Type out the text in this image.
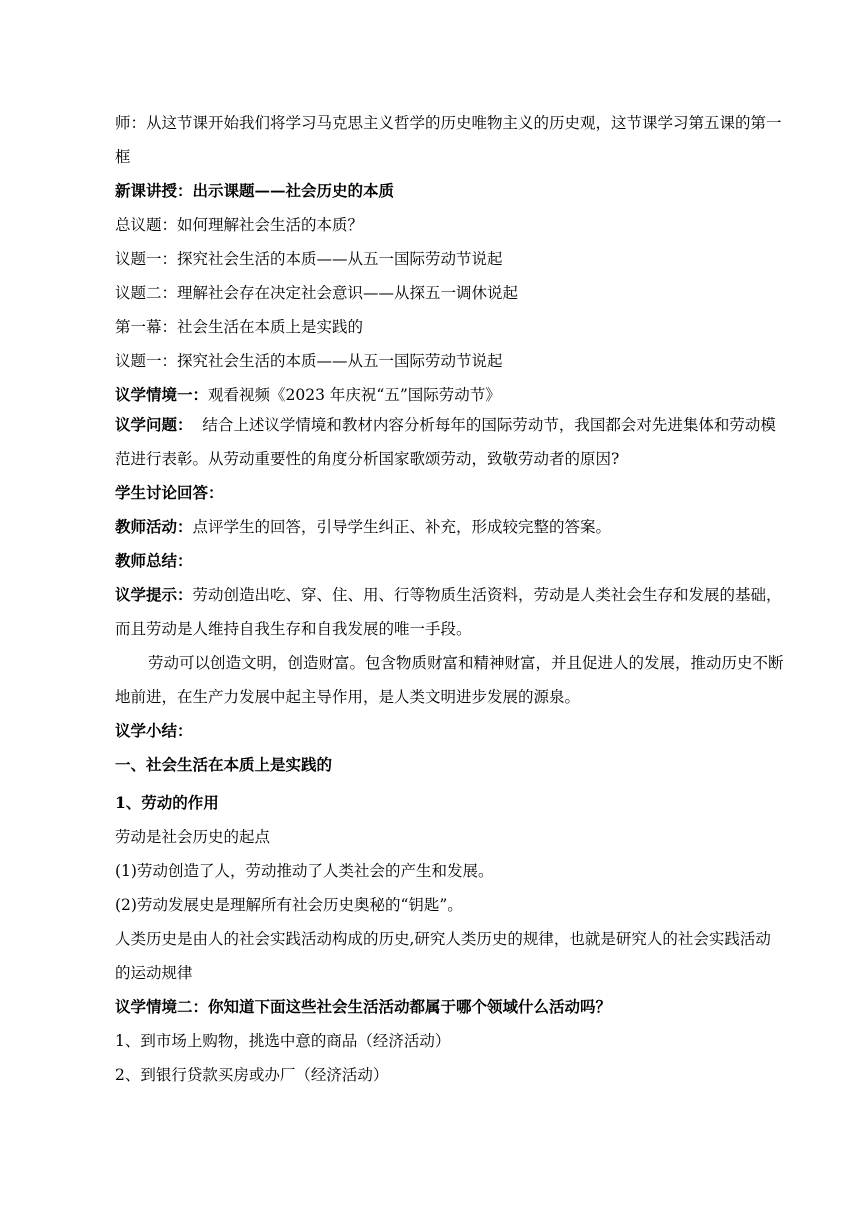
师：从这节课开始我们将学习马克思主义哲学的历史唯物主义的历史观，这节课学习第五课的第一框

新课讲授：出示课题——社会历史的本质

总议题：如何理解社会生活的本质？

议题一：探究社会生活的本质——从五一国际劳动节说起

议题二：理解社会存在决定社会意识——从探五一调休说起

第一幕：社会生活在本质上是实践的

议题一：探究社会生活的本质——从五一国际劳动节说起

议学情境一：观看视频《2023 年庆祝“五”国际劳动节》

议学问题：  结合上述议学情境和教材内容分析每年的国际劳动节，我国都会对先进集体和劳动模范进行表彰。从劳动重要性的角度分析国家歌颂劳动，致敬劳动者的原因?

学生讨论回答：

教师活动：点评学生的回答，引导学生纠正、补充，形成较完整的答案。

教师总结：

议学提示：劳动创造出吃、穿、住、用、行等物质生活资料，劳动是人类社会生存和发展的基础，而且劳动是人维持自我生存和自我发展的唯一手段。

劳动可以创造文明，创造财富。包含物质财富和精神财富，并且促进人的发展，推动历史不断地前进，在生产力发展中起主导作用，是人类文明进步发展的源泉。

议学小结：

一、社会生活在本质上是实践的

1、劳动的作用

劳动是社会历史的起点

(1)劳动创造了人，劳动推动了人类社会的产生和发展。

(2)劳动发展史是理解所有社会历史奥秘的“钥匙”。

人类历史是由人的社会实践活动构成的历史,研究人类历史的规律，也就是研究人的社会实践活动的运动规律

议学情境二：你知道下面这些社会生活活动都属于哪个领域什么活动吗？

1、到市场上购物，挑选中意的商品（经济活动）

2、到银行贷款买房或办厂（经济活动）
